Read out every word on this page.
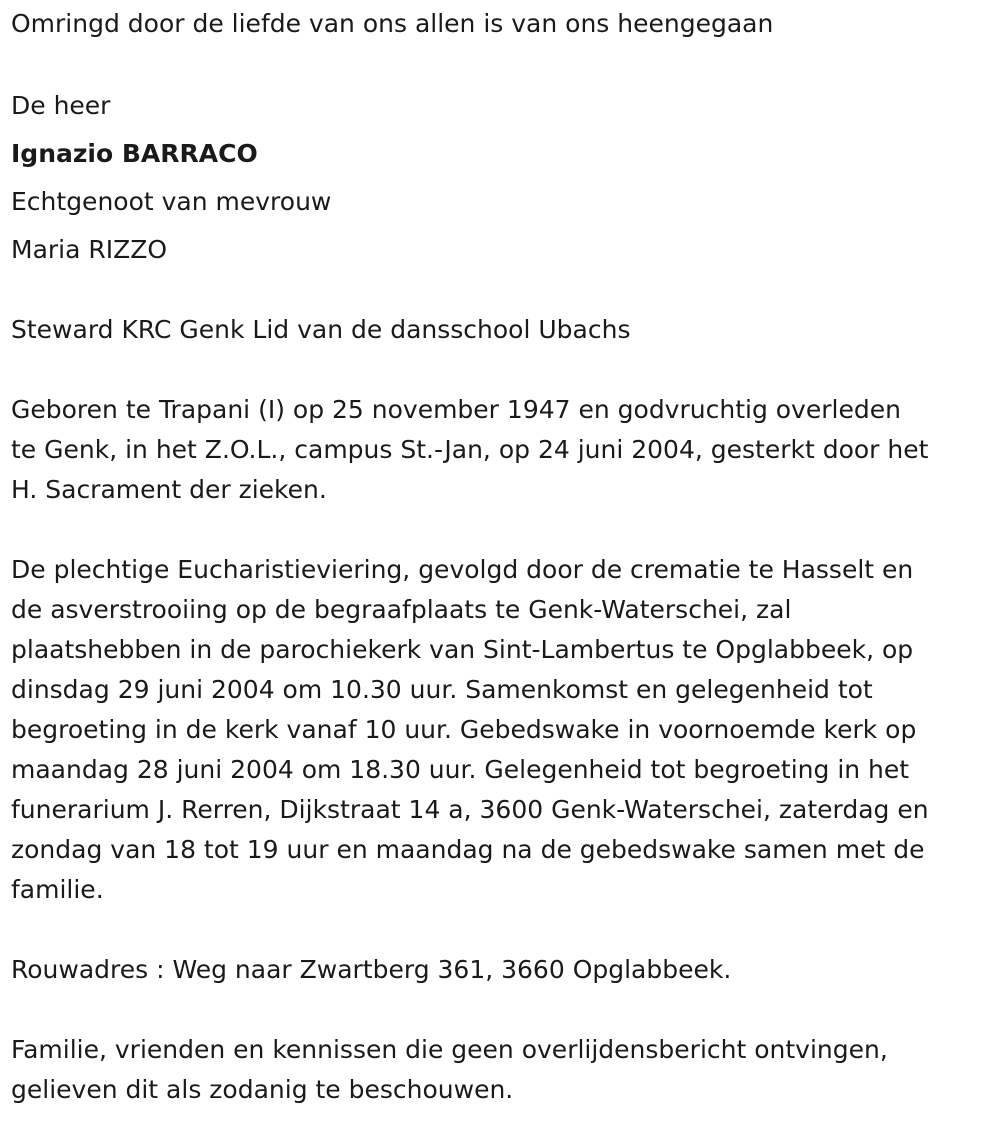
Omringd door de liefde van ons allen is van ons heengegaan

De heer

Ignazio BARRACO

Echtgenoot van mevrouw

Maria RIZZO

Steward KRC Genk Lid van de dansschool Ubachs

Geboren te Trapani (I) op 25 november 1947 en godvruchtig overleden

te Genk, in het Z.O.L., campus St.-Jan, op 24 juni 2004, gesterkt door het

H. Sacrament der zieken.

De plechtige Eucharistieviering, gevolgd door de crematie te Hasselt en

de asverstrooiing op de begraafplaats te Genk-Waterschei, zal

plaatshebben in de parochiekerk van Sint-Lambertus te Opglabbeek, op

dinsdag 29 juni 2004 om 10.30 uur. Samenkomst en gelegenheid tot

begroeting in de kerk vanaf 10 uur. Gebedswake in voornoemde kerk op

maandag 28 juni 2004 om 18.30 uur. Gelegenheid tot begroeting in het

funerarium J. Rerren, Dijkstraat 14 a, 3600 Genk-Waterschei, zaterdag en

zondag van 18 tot 19 uur en maandag na de gebedswake samen met de

familie.

Rouwadres : Weg naar Zwartberg 361, 3660 Opglabbeek.

Familie, vrienden en kennissen die geen overlijdensbericht ontvingen,

gelieven dit als zodanig te beschouwen.
